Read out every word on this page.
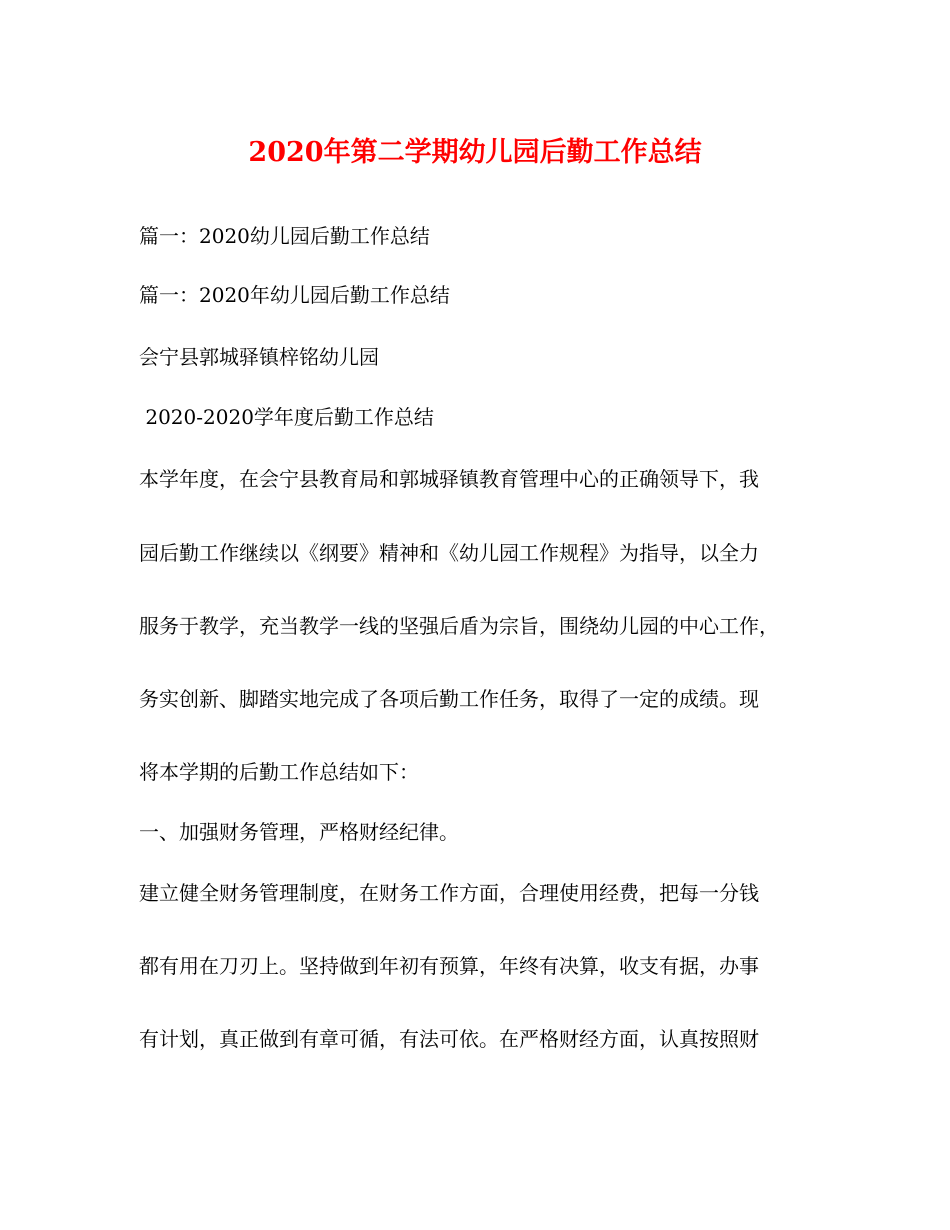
2020年第二学期幼儿园后勤工作总结
篇一：2020幼儿园后勤工作总结
篇一：2020年幼儿园后勤工作总结
会宁县郭城驿镇梓铭幼儿园
2020-2020学年度后勤工作总结
本学年度，在会宁县教育局和郭城驿镇教育管理中心的正确领导下，我
园后勤工作继续以《纲要》精神和《幼儿园工作规程》为指导，以全力
服务于教学，充当教学一线的坚强后盾为宗旨，围绕幼儿园的中心工作，
务实创新、脚踏实地完成了各项后勤工作任务，取得了一定的成绩。现
将本学期的后勤工作总结如下：
一、加强财务管理，严格财经纪律。
建立健全财务管理制度，在财务工作方面，合理使用经费，把每一分钱
都有用在刀刃上。坚持做到年初有预算，年终有决算，收支有据，办事
有计划，真正做到有章可循，有法可依。在严格财经方面，认真按照财
